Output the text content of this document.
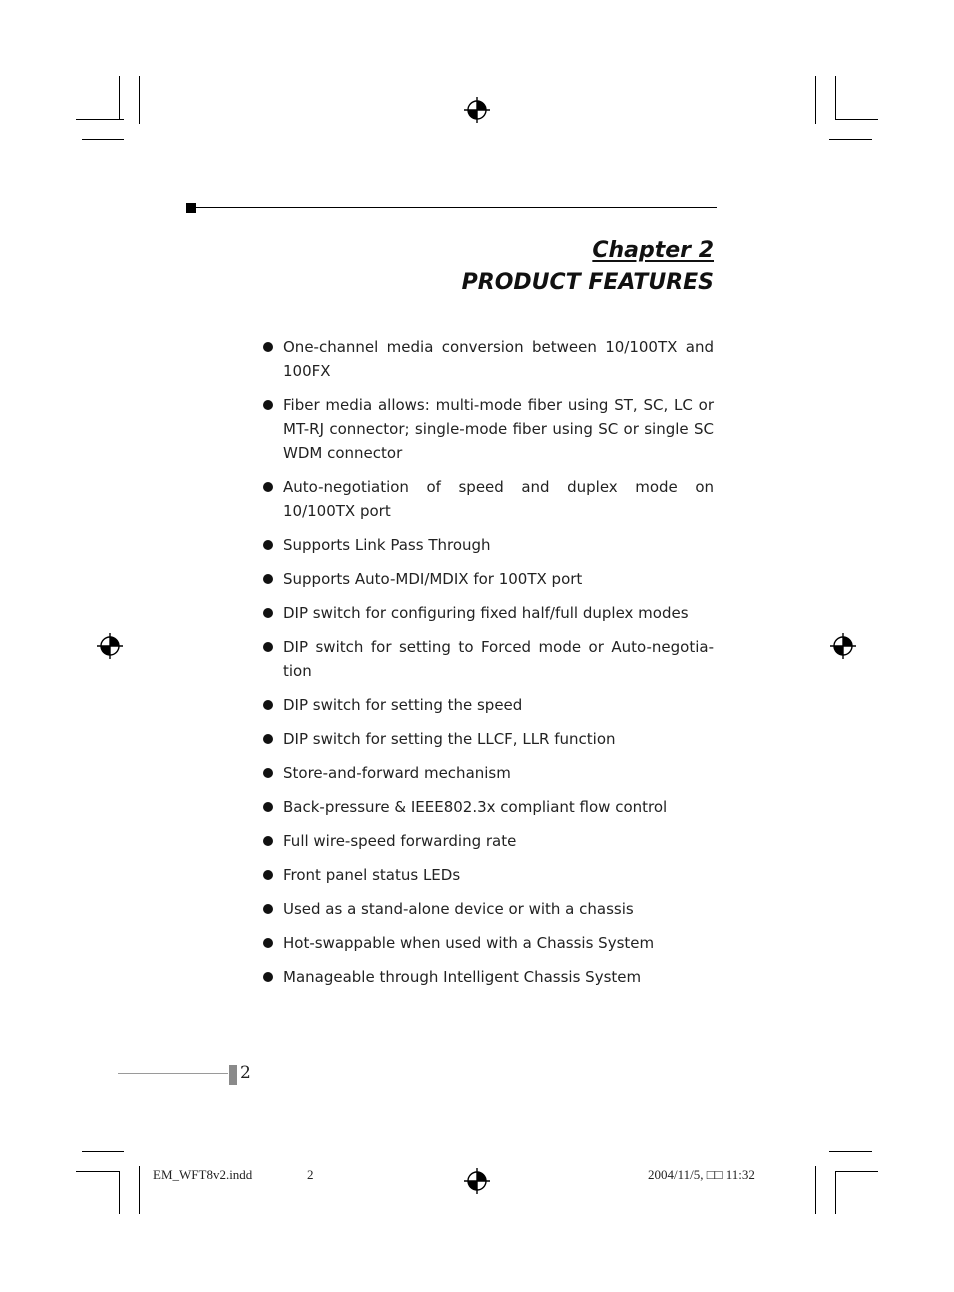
Chapter 2
PRODUCT FEATURES
One-channel media conversion between 10/100TX and 100FX
Fiber media allows: multi-mode fiber using ST, SC, LC or MT-RJ connector; single-mode fiber using SC or single SC WDM connector
Auto-negotiation of speed and duplex mode on 10/100TX port
Supports Link Pass Through
Supports Auto-MDI/MDIX for 100TX port
DIP switch for configuring fixed half/full duplex modes
DIP switch for setting to Forced mode or Auto-negotia-tion
DIP switch for setting the speed
DIP switch for setting the LLCF, LLR function
Store-and-forward mechanism
Back-pressure & IEEE802.3x compliant flow control
Full wire-speed forwarding rate
Front panel status LEDs
Used as a stand-alone device or with a chassis
Hot-swappable when used with a Chassis System
Manageable through Intelligent Chassis System
2
EM_WFT8v2.indd	2	2004/11/5, □□ 11:32
